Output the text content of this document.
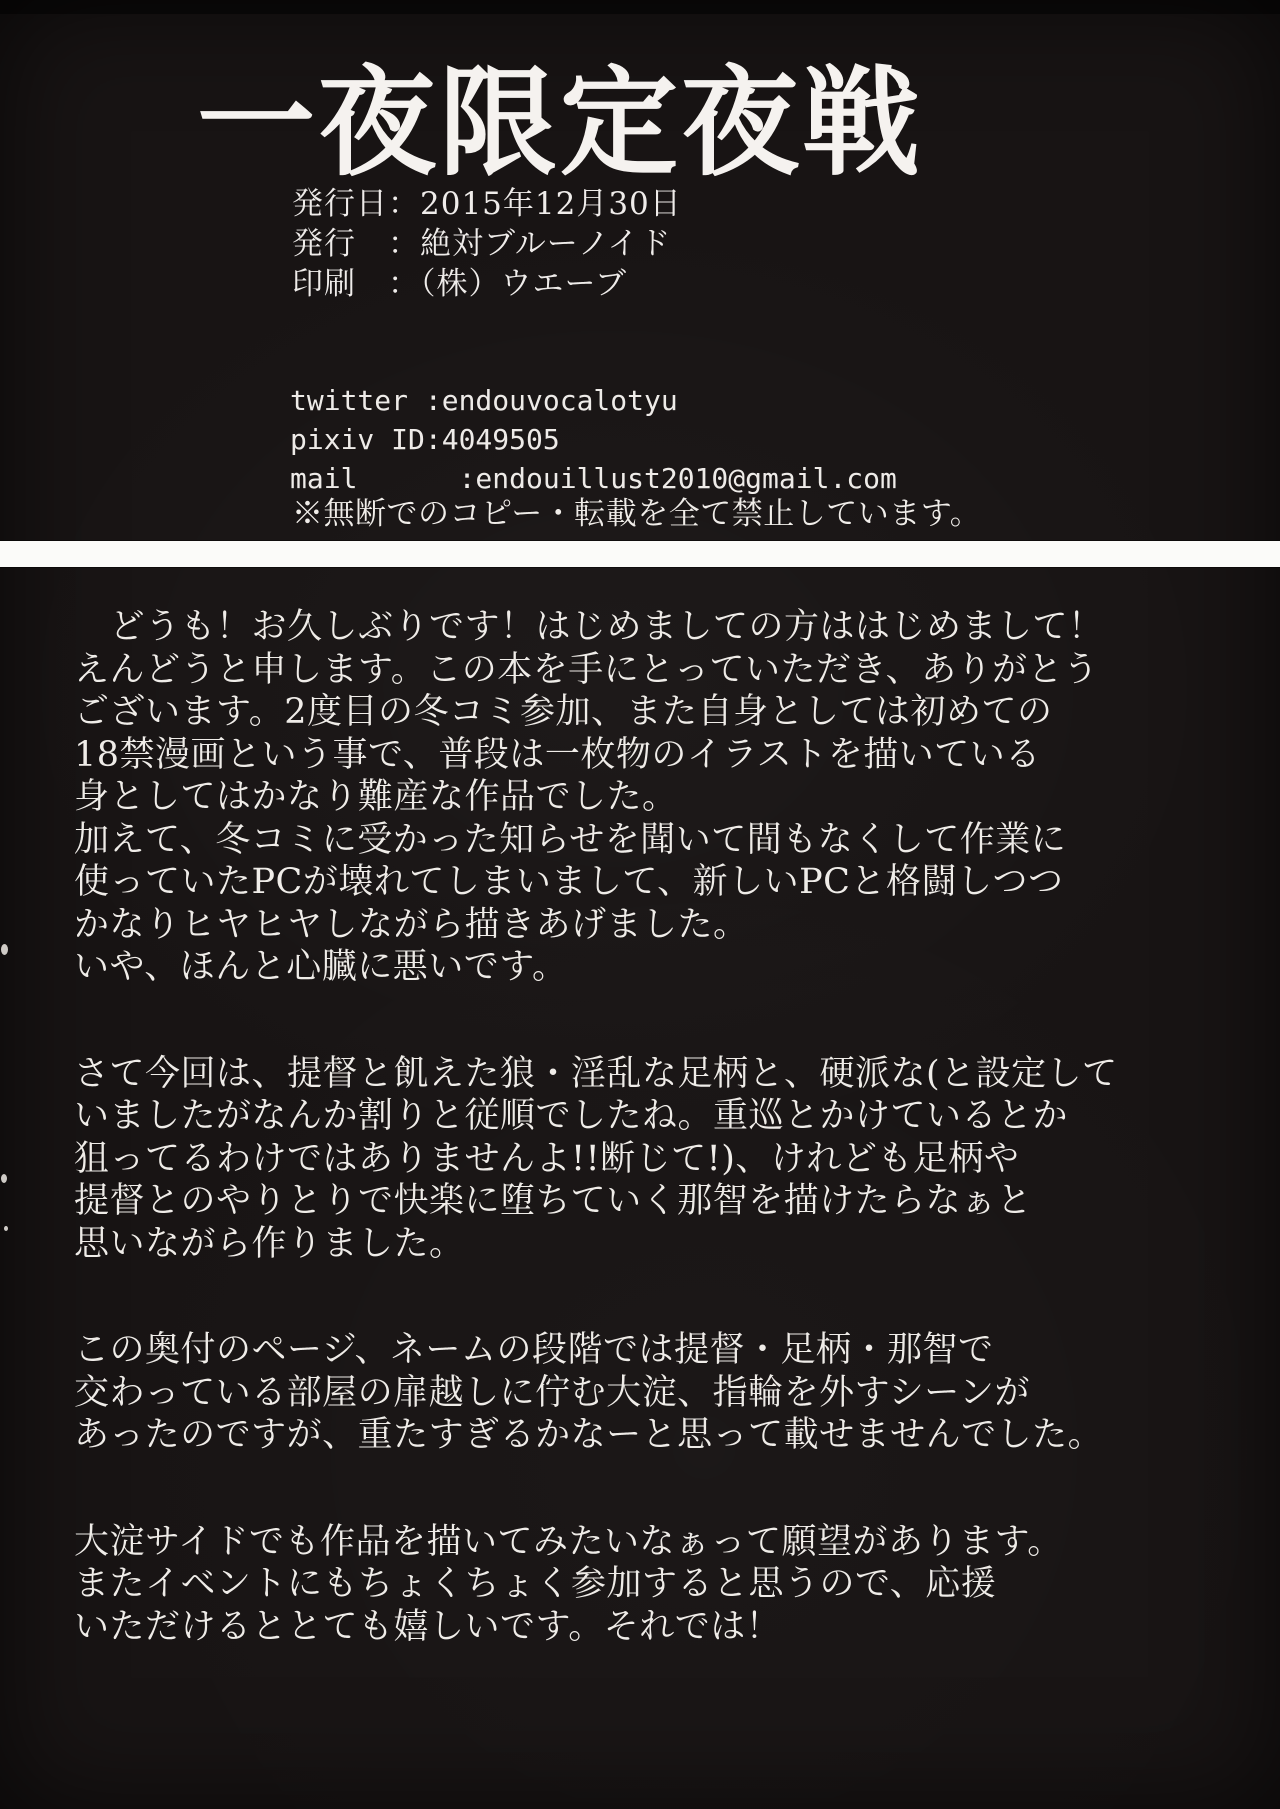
一夜限定夜戦
発行日：2015年12月30日
発行　：絶対ブルーノイド
印刷　：（株）ウエーブ
twitter :endouvocalotyu
pixiv ID:4049505
mail      :endouillust2010@gmail.com
※無断でのコピー・転載を全て禁止しています。
　どうも！お久しぶりです！はじめましての方ははじめまして！
えんどうと申します。この本を手にとっていただき、ありがとう
ございます。2度目の冬コミ参加、また自身としては初めての
18禁漫画という事で、普段は一枚物のイラストを描いている
身としてはかなり難産な作品でした。
加えて、冬コミに受かった知らせを聞いて間もなくして作業に
使っていたPCが壊れてしまいまして、新しいPCと格闘しつつ
かなりヒヤヒヤしながら描きあげました。
いや、ほんと心臓に悪いです。
さて今回は、提督と飢えた狼・淫乱な足柄と、硬派な(と設定して
いましたがなんか割りと従順でしたね。重巡とかけているとか
狙ってるわけではありませんよ!!断じて!)、けれども足柄や
提督とのやりとりで快楽に堕ちていく那智を描けたらなぁと
思いながら作りました。
この奥付のページ、ネームの段階では提督・足柄・那智で
交わっている部屋の扉越しに佇む大淀、指輪を外すシーンが
あったのですが、重たすぎるかなーと思って載せませんでした。
大淀サイドでも作品を描いてみたいなぁって願望があります。
またイベントにもちょくちょく参加すると思うので、応援
いただけるととても嬉しいです。それでは！
